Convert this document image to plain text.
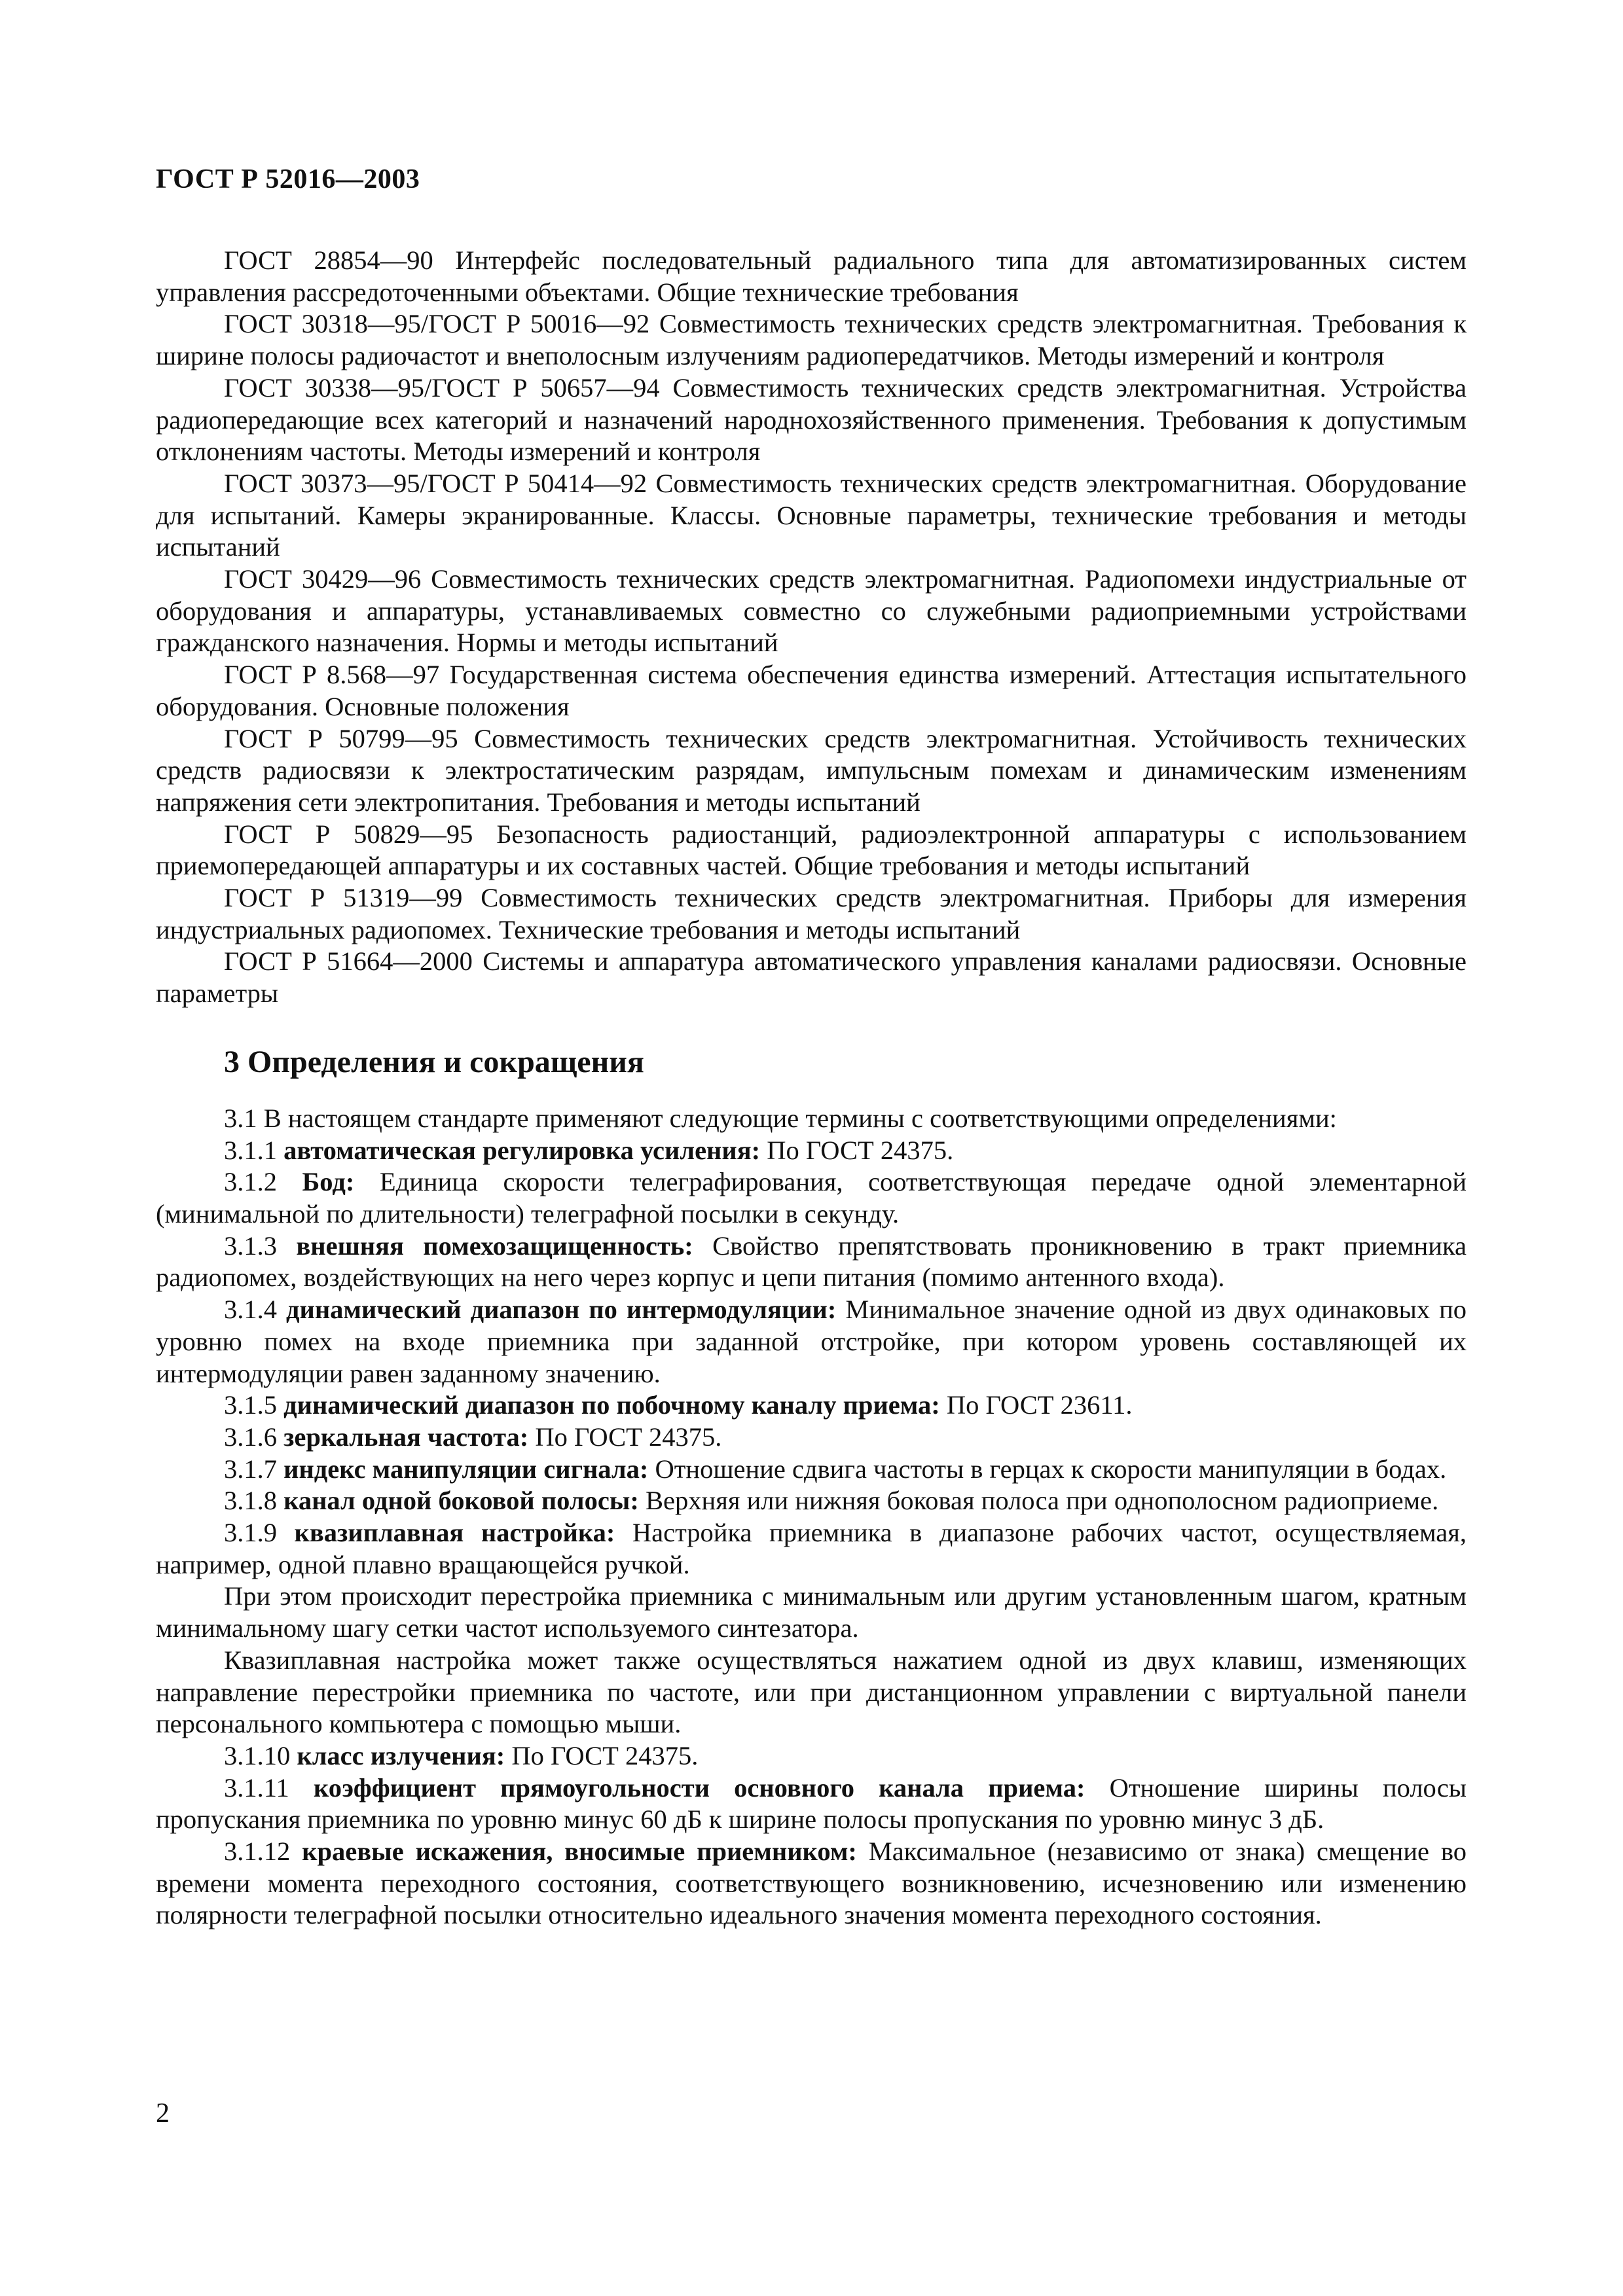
ГОСТ Р 52016—2003

ГОСТ 28854—90 Интерфейс последовательный радиального типа для автоматизированных систем управления рассредоточенными объектами. Общие технические требования

ГОСТ 30318—95/ГОСТ Р 50016—92 Совместимость технических средств электромагнитная. Требования к ширине полосы радиочастот и внеполосным излучениям радиопередатчиков. Методы измерений и контроля

ГОСТ 30338—95/ГОСТ Р 50657—94 Совместимость технических средств электромагнитная. Устройства радиопередающие всех категорий и назначений народнохозяйственного применения. Требования к допустимым отклонениям частоты. Методы измерений и контроля

ГОСТ 30373—95/ГОСТ Р 50414—92 Совместимость технических средств электромагнитная. Оборудование для испытаний. Камеры экранированные. Классы. Основные параметры, технические требования и методы испытаний

ГОСТ 30429—96 Совместимость технических средств электромагнитная. Радиопомехи индустриальные от оборудования и аппаратуры, устанавливаемых совместно со служебными радиоприемными устройствами гражданского назначения. Нормы и методы испытаний

ГОСТ Р 8.568—97 Государственная система обеспечения единства измерений. Аттестация испытательного оборудования. Основные положения

ГОСТ Р 50799—95 Совместимость технических средств электромагнитная. Устойчивость технических средств радиосвязи к электростатическим разрядам, импульсным помехам и динамическим изменениям напряжения сети электропитания. Требования и методы испытаний

ГОСТ Р 50829—95 Безопасность радиостанций, радиоэлектронной аппаратуры с использованием приемопередающей аппаратуры и их составных частей. Общие требования и методы испытаний

ГОСТ Р 51319—99 Совместимость технических средств электромагнитная. Приборы для измерения индустриальных радиопомех. Технические требования и методы испытаний

ГОСТ Р 51664—2000 Системы и аппаратура автоматического управления каналами радиосвязи. Основные параметры

3 Определения и сокращения

3.1 В настоящем стандарте применяют следующие термины с соответствующими определениями:

3.1.1 автоматическая регулировка усиления: По ГОСТ 24375.

3.1.2 Бод: Единица скорости телеграфирования, соответствующая передаче одной элементарной (минимальной по длительности) телеграфной посылки в секунду.

3.1.3 внешняя помехозащищенность: Свойство препятствовать проникновению в тракт приемника радиопомех, воздействующих на него через корпус и цепи питания (помимо антенного входа).

3.1.4 динамический диапазон по интермодуляции: Минимальное значение одной из двух одинаковых по уровню помех на входе приемника при заданной отстройке, при котором уровень составляющей их интермодуляции равен заданному значению.

3.1.5 динамический диапазон по побочному каналу приема: По ГОСТ 23611.

3.1.6 зеркальная частота: По ГОСТ 24375.

3.1.7 индекс манипуляции сигнала: Отношение сдвига частоты в герцах к скорости манипуляции в бодах.

3.1.8 канал одной боковой полосы: Верхняя или нижняя боковая полоса при однополосном радиоприеме.

3.1.9 квазиплавная настройка: Настройка приемника в диапазоне рабочих частот, осуществляемая, например, одной плавно вращающейся ручкой.

При этом происходит перестройка приемника с минимальным или другим установленным шагом, кратным минимальному шагу сетки частот используемого синтезатора.

Квазиплавная настройка может также осуществляться нажатием одной из двух клавиш, изменяющих направление перестройки приемника по частоте, или при дистанционном управлении с виртуальной панели персонального компьютера с помощью мыши.

3.1.10 класс излучения: По ГОСТ 24375.

3.1.11 коэффициент прямоугольности основного канала приема: Отношение ширины полосы пропускания приемника по уровню минус 60 дБ к ширине полосы пропускания по уровню минус 3 дБ.

3.1.12 краевые искажения, вносимые приемником: Максимальное (независимо от знака) смещение во времени момента переходного состояния, соответствующего возникновению, исчезновению или изменению полярности телеграфной посылки относительно идеального значения момента переходного состояния.

2
